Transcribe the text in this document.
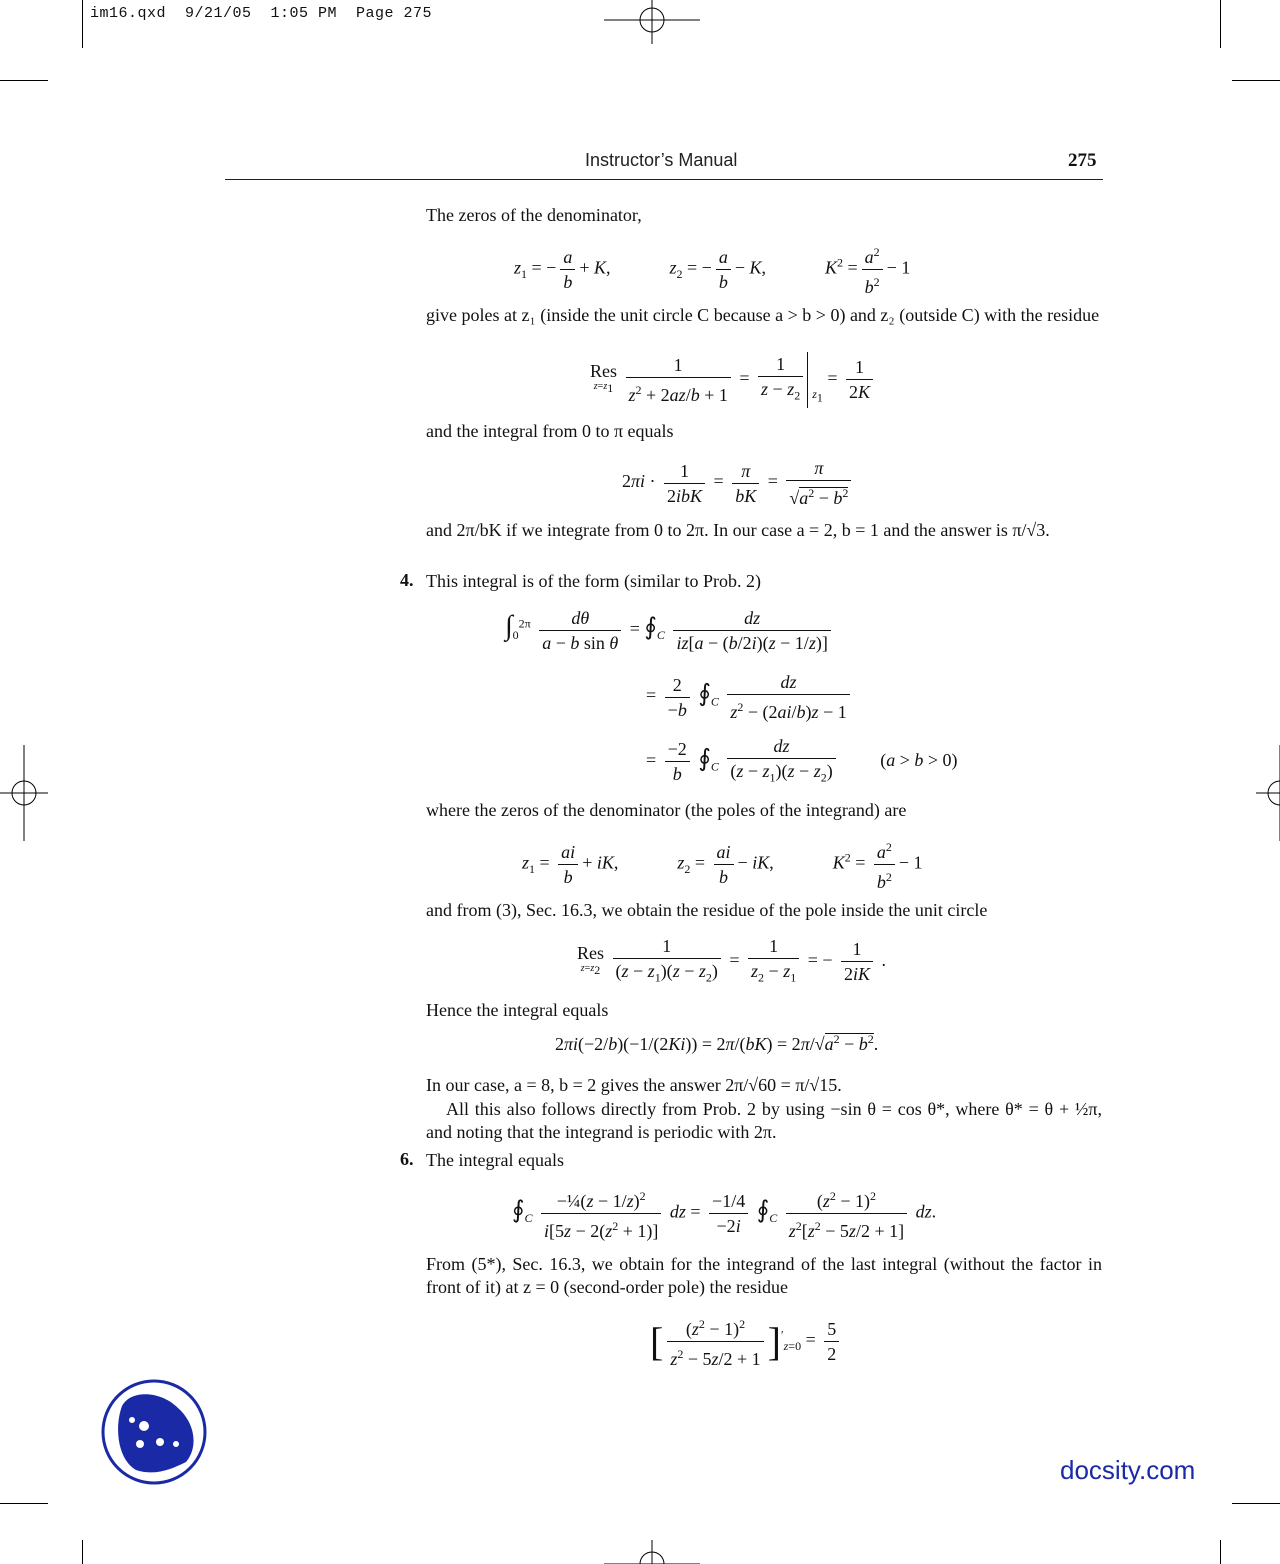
im16.qxd  9/21/05  1:05 PM  Page 275
Instructor’s Manual	275
The zeros of the denominator,
$z_1$ = − $\frac{a}{b} + K$,	$z_2$ = − $\frac{a}{b} - K$,	$K^2 = \frac{a^2}{b^2} - 1$
give poles at z₁ (inside the unit circle C because a > b > 0) and z₂ (outside C) with the residue
Res
$z=z_1$
$\frac{1}{z^2 + 2az/b + 1} = \frac{1}{z - z_2} _{z_1} = \frac{1}{2K}$
and the integral from 0 to π equals
$2\pi i \cdot \frac{1}{\text{2ibK}} = \frac{\pi}{bK} = \frac{\pi}{√a^2 - b^2}$
and 2π/bK if we integrate from 0 to 2π. In our case a = 2, b = 1 and the answer is π/√3.
4. This integral is of the form (similar to Prob. 2)
$\int_0^{2\pi} \frac{d\theta}{\text{a − b sin θ}}$ = $∮_C \frac{dz}{iz[a - (b/2i)(z - 1/z)]}$
= $\frac{2}{-b}$ $∮_C \frac{dz}{z^2 - (2ai/b)z - 1}$
= $\frac{-2}{b}$ $∮_C \frac{dz}{(z - z_1)(z - z_2)} (a > b > 0)$
where the zeros of the denominator (the poles of the integrand) are
$z_1 = \frac{ai}{b}$ + iK,	$z_2 = \frac{ai}{b}$ − iK,	$K^2 = \frac{a^2}{b^2} - 1$
and from (3), Sec. 16.3, we obtain the residue of the pole inside the unit circle
Res
$z=z_2$
$\frac{1}{(z - z_1)(z - z_2)} = \frac{1}{z_2 - z_1}$ = − $\frac{1}{2iK}$ .
Hence the integral equals
$2\pi i(-2/b)(-1/(2Ki)) = 2\pi/(bK) = 2\pi/√a^2 - b^2$.
In our case, a = 8, b = 2 gives the answer 2π/√60 = π/√15.
All this also follows directly from Prob. 2 by using −sin θ = cos θ*, where θ* = θ + ½π, and noting that the integrand is periodic with 2π.
6. The integral equals
$∮_C \frac{-\frac{1}{4}(z - 1/z)^2}{i[5z - 2(z^2 + 1)]}$ dz = $\frac{-1/4}{-2i}$ $∮_C \frac{(z^2 - 1)^2}{z^2[z^2 - 5z/2 + 1]}$ dz.
From (5*), Sec. 16.3, we obtain for the integrand of the last integral (without the factor in front of it) at z = 0 (second-order pole) the residue
[ $\frac{(z^2 - 1)^2}{z^2 - 5z/2 + 1} ]'_{z=0} = \frac{5}{2}$
docsity.com
